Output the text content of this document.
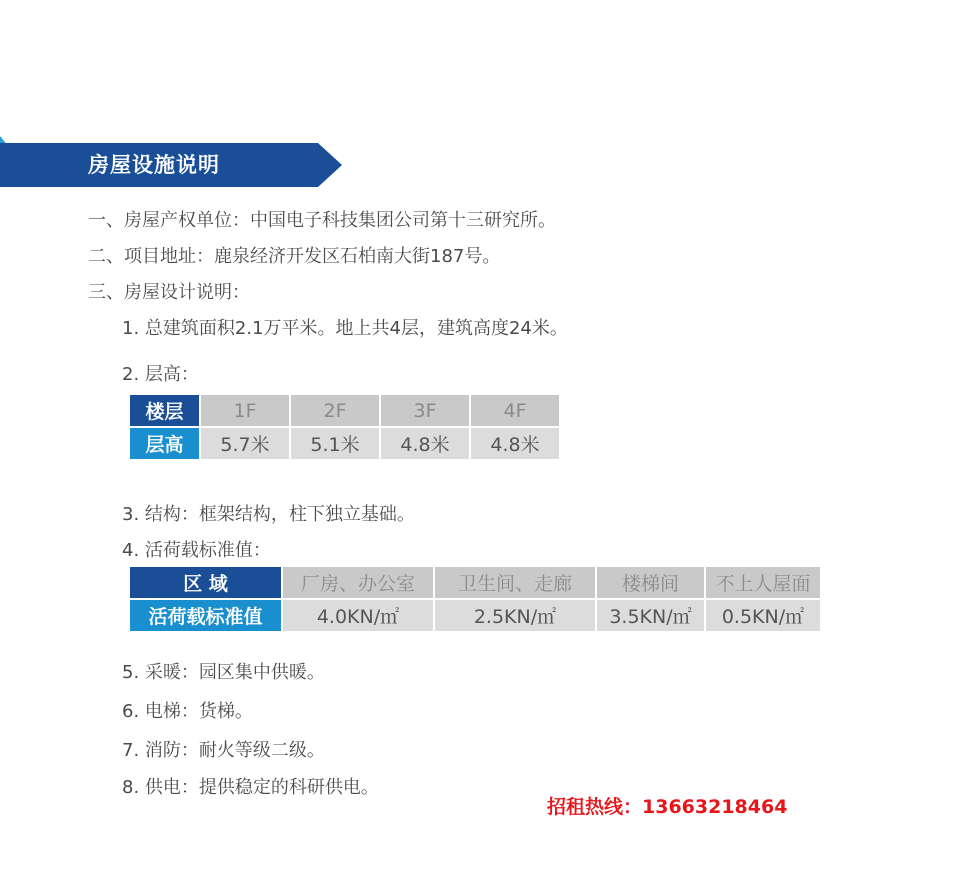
房屋设施说明
一、房屋产权单位：中国电子科技集团公司第十三研究所。
二、项目地址：鹿泉经济开发区石柏南大街187号。
三、房屋设计说明：
1. 总建筑面积2.1万平米。地上共4层，建筑高度24米。
2. 层高：
楼层	1F	2F	3F	4F
层高	5.7米	5.1米	4.8米	4.8米
3. 结构：框架结构，柱下独立基础。
4. 活荷载标准值：
区 域	厂房、办公室	卫生间、走廊	楼梯间	不上人屋面
活荷载标准值	4.0KN/㎡	2.5KN/㎡	3.5KN/㎡	0.5KN/㎡
5. 采暖：园区集中供暖。
6. 电梯：货梯。
7. 消防：耐火等级二级。
8. 供电：提供稳定的科研供电。
招租热线：13663218464
